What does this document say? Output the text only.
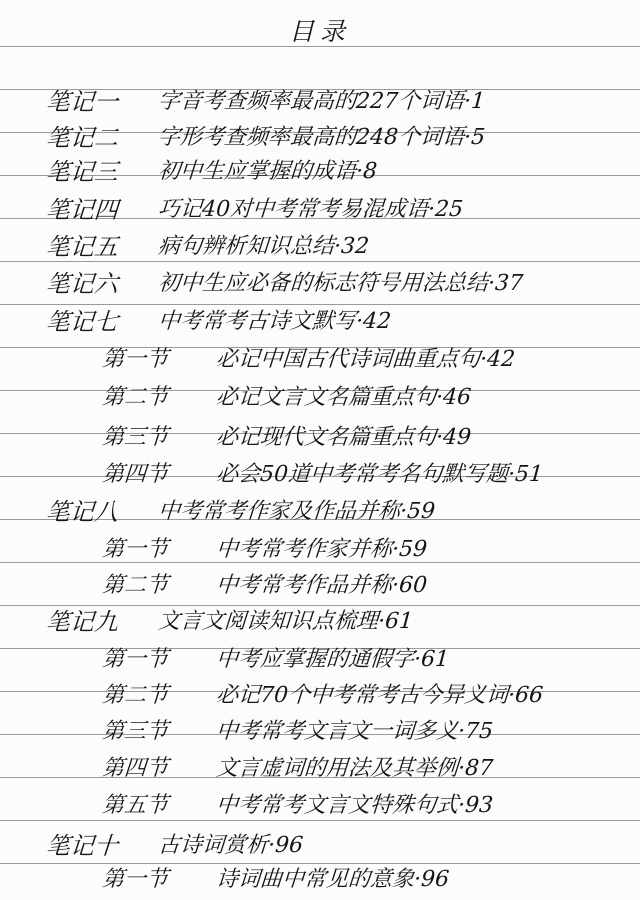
目录
笔记一 字音考查频率最高的227个词语·1
笔记二 字形考查频率最高的248个词语·5
笔记三 初中生应掌握的成语·8
笔记四 巧记40对中考常考易混成语·25
笔记五 病句辨析知识总结·32
笔记六 初中生应必备的标志符号用法总结·37
笔记七 中考常考古诗文默写·42
第一节 必记中国古代诗词曲重点句·42
第二节 必记文言文名篇重点句·46
第三节 必记现代文名篇重点句·49
第四节 必会50道中考常考名句默写题·51
笔记八 中考常考作家及作品并称·59
第一节 中考常考作家并称·59
第二节 中考常考作品并称·60
笔记九 文言文阅读知识点梳理·61
第一节 中考应掌握的通假字·61
第二节 必记70个中考常考古今异义词·66
第三节 中考常考文言文一词多义·75
第四节 文言虚词的用法及其举例·87
第五节 中考常考文言文特殊句式·93
笔记十 古诗词赏析·96
第一节 诗词曲中常见的意象·96
